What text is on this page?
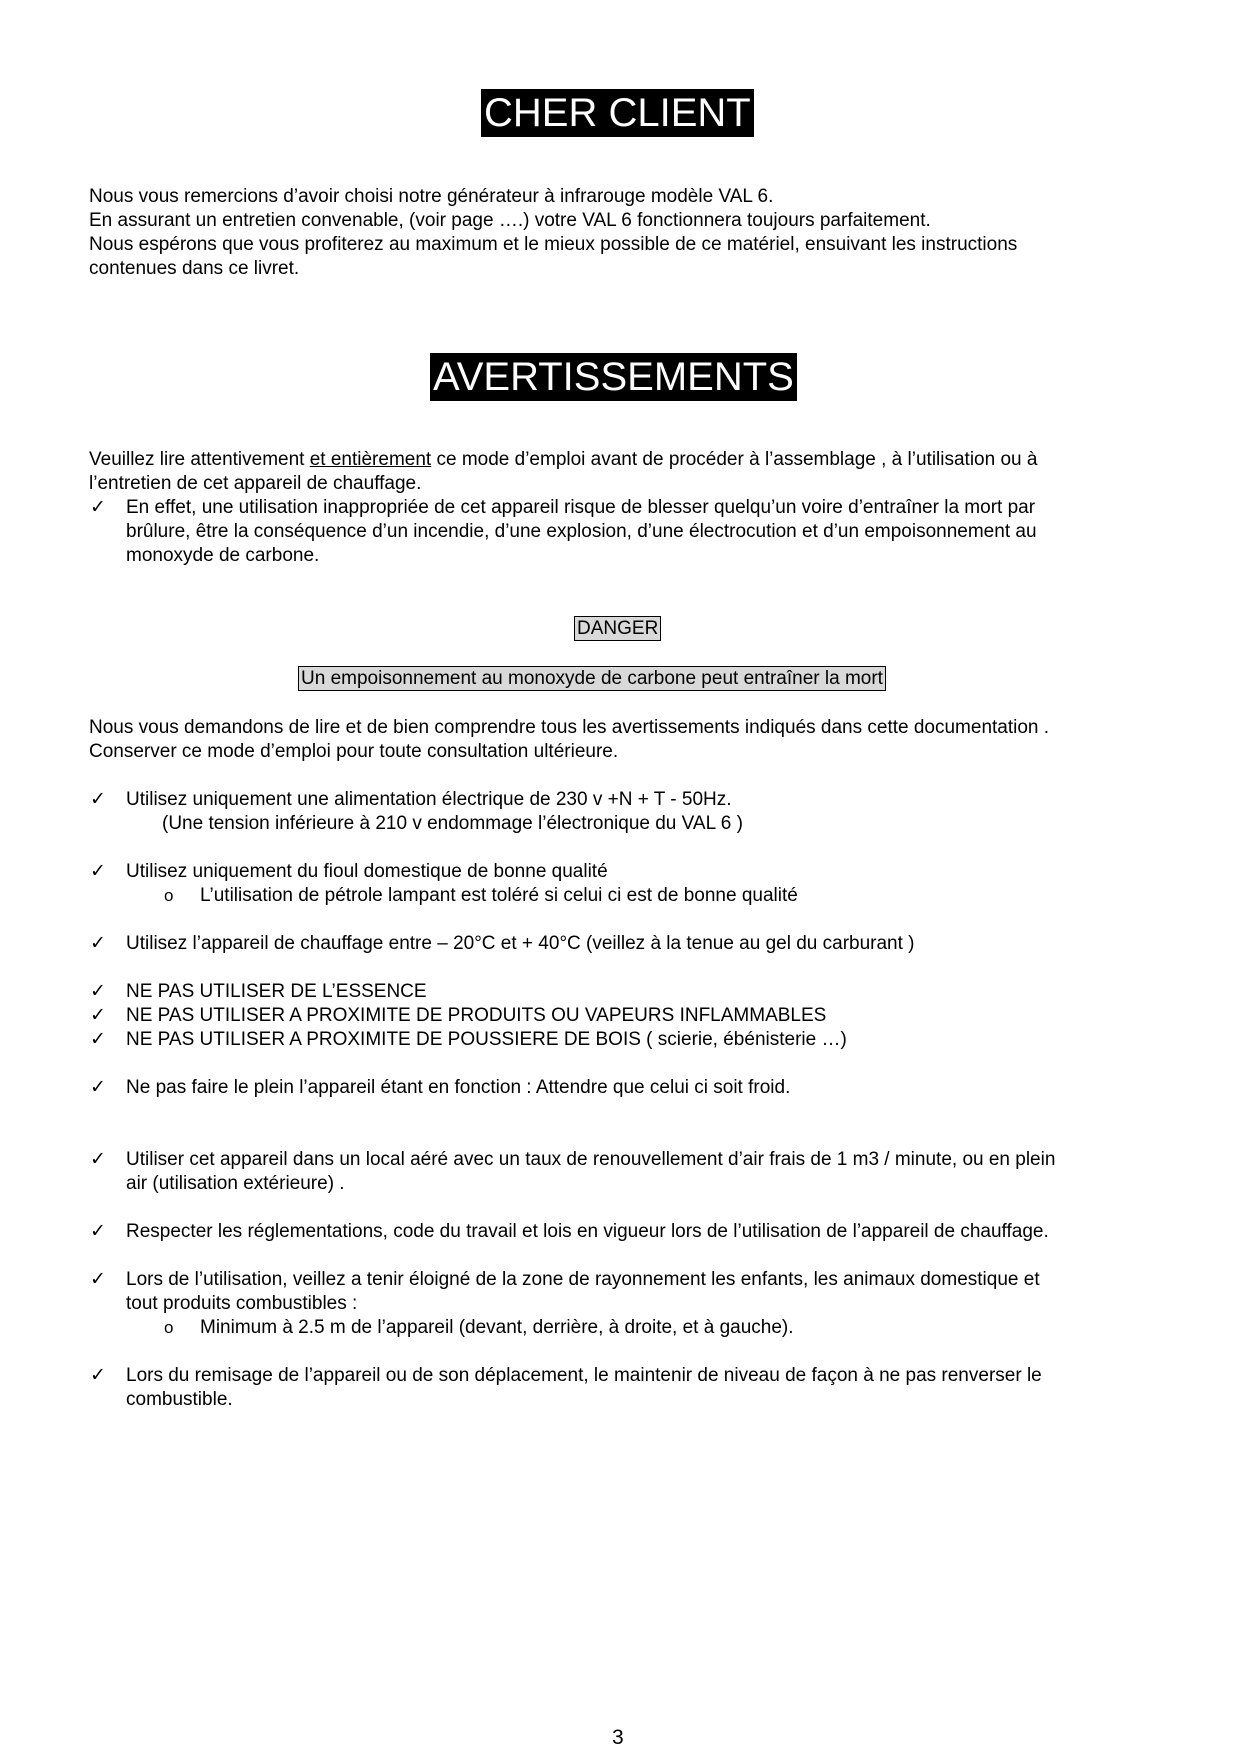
CHER CLIENT
Nous vous remercions d’avoir choisi notre générateur à infrarouge modèle VAL 6.
En assurant un entretien convenable, (voir page ….) votre VAL 6 fonctionnera toujours parfaitement.
Nous espérons que vous profiterez au maximum et le mieux possible de ce matériel, ensuivant les instructions
contenues dans ce livret.
AVERTISSEMENTS
Veuillez lire attentivement et entièrement ce mode d’emploi avant de procéder à l’assemblage , à l’utilisation ou à
l’entretien de cet appareil de chauffage.
✓ En effet, une utilisation inappropriée de cet appareil risque de blesser quelqu’un voire d’entraîner la mort par
brûlure, être la conséquence d’un incendie, d’une explosion, d’une électrocution et d’un empoisonnement au
monoxyde de carbone.
DANGER
Un empoisonnement au monoxyde de carbone peut entraîner la mort
Nous vous demandons de lire et de bien comprendre tous les avertissements indiqués dans cette documentation .
Conserver ce mode d’emploi pour toute consultation ultérieure.
✓ Utilisez uniquement une alimentation électrique de 230 v +N + T - 50Hz.
(Une tension inférieure à 210 v endommage l’électronique du VAL 6 )
✓ Utilisez uniquement du fioul domestique de bonne qualité
o L’utilisation de pétrole lampant est toléré si celui ci est de bonne qualité
✓ Utilisez l’appareil de chauffage entre – 20°C et + 40°C (veillez à la tenue au gel du carburant )
✓ NE PAS UTILISER DE L’ESSENCE
✓ NE PAS UTILISER A PROXIMITE DE PRODUITS OU VAPEURS INFLAMMABLES
✓ NE PAS UTILISER A PROXIMITE DE POUSSIERE DE BOIS ( scierie, ébénisterie …)
✓ Ne pas faire le plein l’appareil étant en fonction : Attendre que celui ci soit froid.
✓ Utiliser cet appareil dans un local aéré avec un taux de renouvellement d’air frais de 1 m3 / minute, ou en plein
air (utilisation extérieure) .
✓ Respecter les réglementations, code du travail et lois en vigueur lors de l’utilisation de l’appareil de chauffage.
✓ Lors de l’utilisation, veillez a tenir éloigné de la zone de rayonnement les enfants, les animaux domestique et
tout produits combustibles :
o Minimum à 2.5 m de l’appareil (devant, derrière, à droite, et à gauche).
✓ Lors du remisage de l’appareil ou de son déplacement, le maintenir de niveau de façon à ne pas renverser le
combustible.
3
